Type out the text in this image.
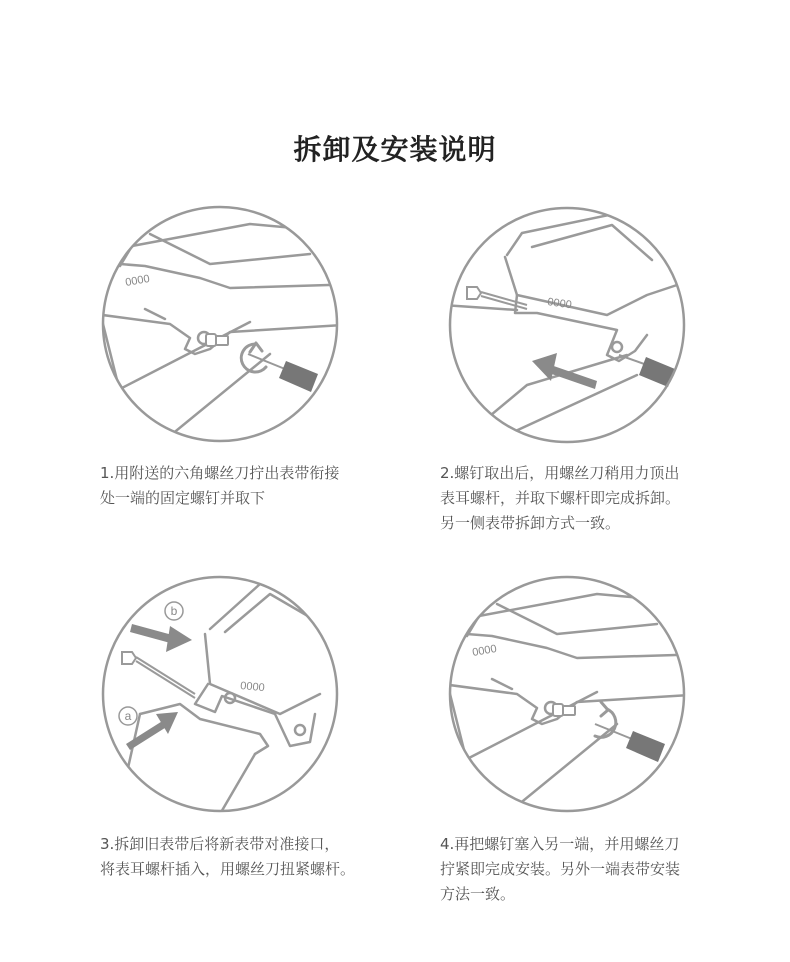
拆卸及安装说明
0000
0000
b
a
0000
0000

1.用附送的六角螺丝刀拧出表带衔接

处一端的固定螺钉并取下

2.螺钉取出后，用螺丝刀稍用力顶出

表耳螺杆，并取下螺杆即完成拆卸。

另一侧表带拆卸方式一致。

3.拆卸旧表带后将新表带对准接口，

将表耳螺杆插入，用螺丝刀扭紧螺杆。

4.再把螺钉塞入另一端，并用螺丝刀

拧紧即完成安装。另外一端表带安装

方法一致。
